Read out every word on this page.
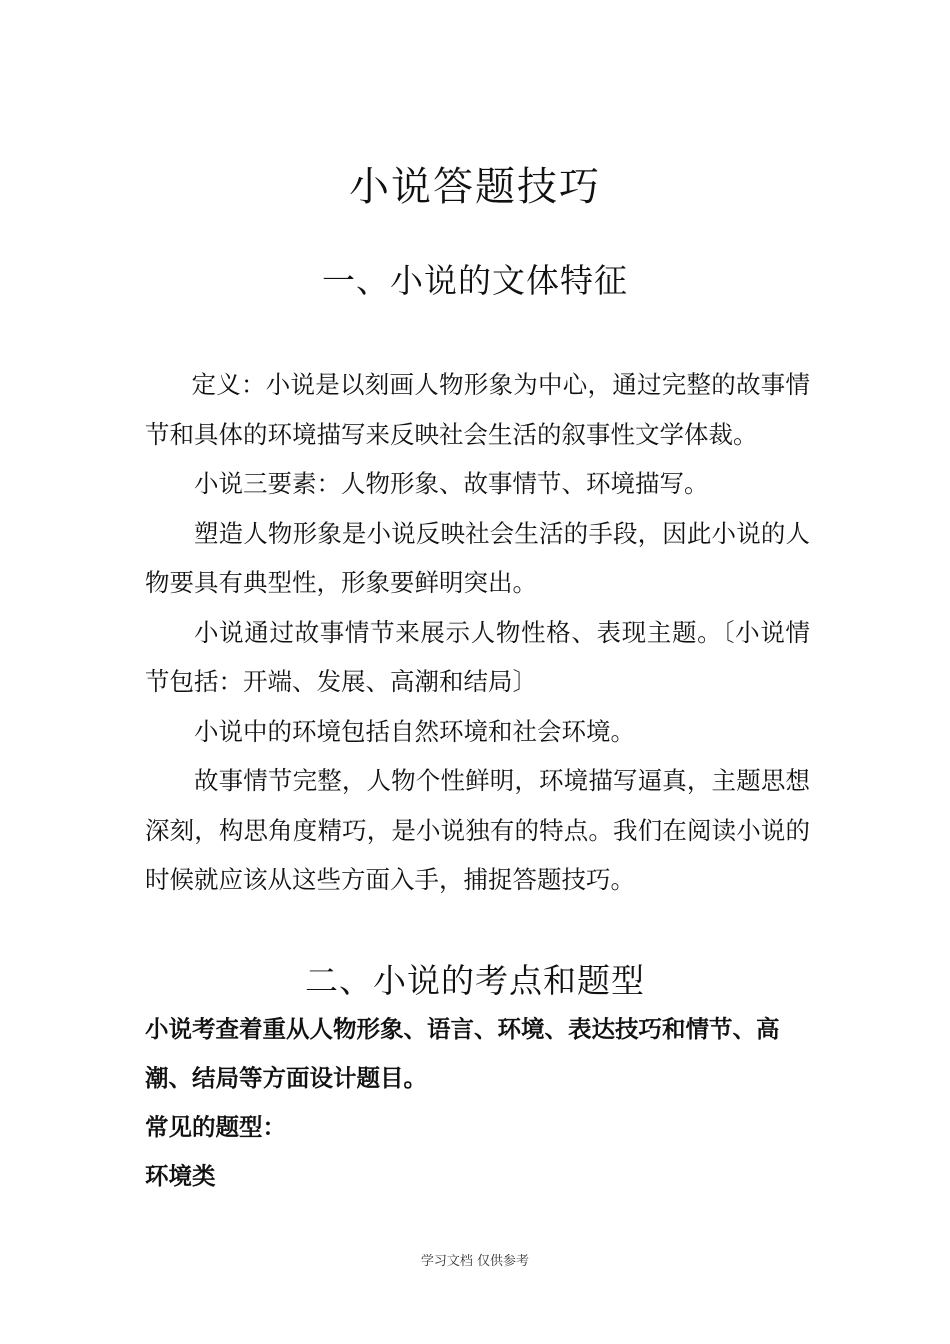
小说答题技巧
一、小说的文体特征

定义：小说是以刻画人物形象为中心，通过完整的故事情节和具体的环境描写来反映社会生活的叙事性文学体裁。

小说三要素：人物形象、故事情节、环境描写。

塑造人物形象是小说反映社会生活的手段，因此小说的人物要具有典型性，形象要鲜明突出。

小说通过故事情节来展示人物性格、表现主题。〔小说情节包括：开端、发展、高潮和结局〕

小说中的环境包括自然环境和社会环境。

故事情节完整，人物个性鲜明，环境描写逼真，主题思想深刻，构思角度精巧，是小说独有的特点。我们在阅读小说的时候就应该从这些方面入手，捕捉答题技巧。

二、小说的考点和题型

小说考查着重从人物形象、语言、环境、表达技巧和情节、高潮、结局等方面设计题目。

常见的题型：

环境类

学习文档 仅供参考
